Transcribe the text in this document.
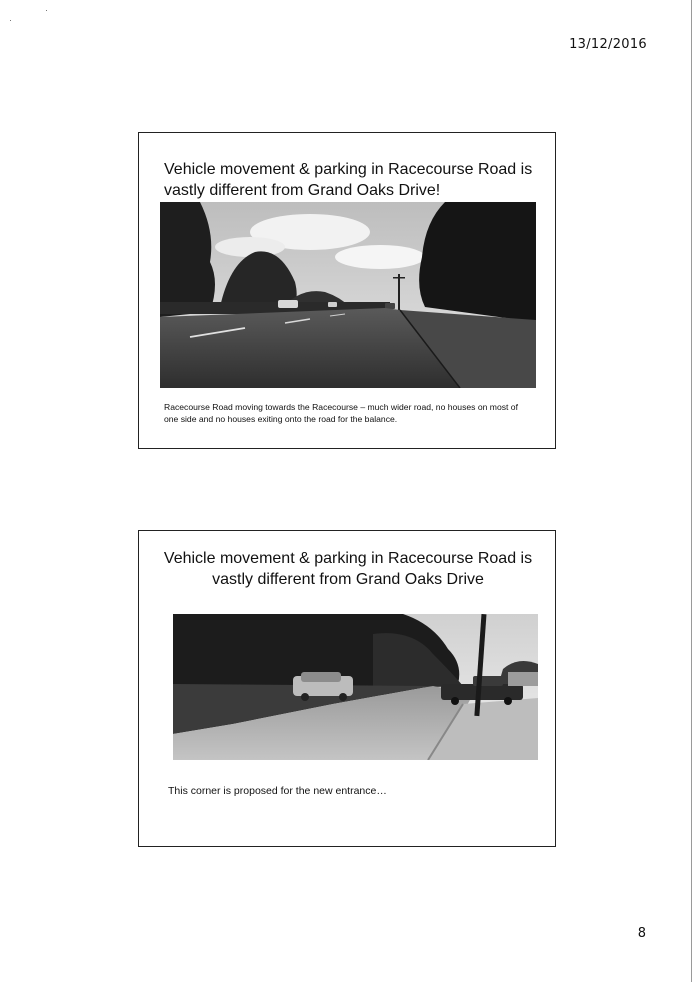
13/12/2016
Vehicle movement & parking in Racecourse Road is vastly different from Grand Oaks Drive!
Racecourse Road moving towards the Racecourse – much wider road, no houses on most of one side and no houses exiting onto the road for the balance.
Vehicle movement & parking in Racecourse Road is vastly different from Grand Oaks Drive
This corner is proposed for the new entrance…
8
